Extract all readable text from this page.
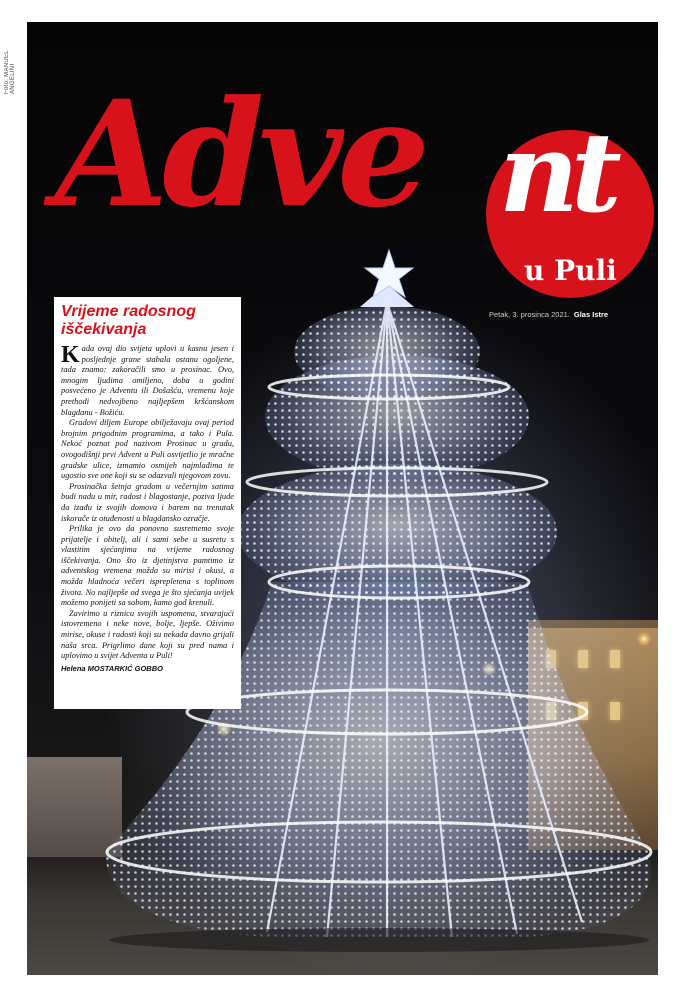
Adve nt
u Puli
Petak, 3. prosinca 2021. Glas Istre
Vrijeme radosnog iščekivanja

Kada ovaj dio svijeta uplovi u kasnu jesen i posljednje grane stabala ostanu ogoljene, tada znamo: zakoračili smo u prosinac. Ovo, mnogim ljudima omiljeno, doba u godini posvećeno je Adventu ili Došašću, vremenu koje prethodi nedvojbeno najljepšem kršćanskom blagdanu - Božiću.

Gradovi diljem Europe obilježavaju ovaj period brojnim prigodnim programima, a tako i Pula. Nekoć poznat pod nazivom Prosinac u gradu, ovogodišnji prvi Advent u Puli osvijetlio je mračne gradske ulice, izmamio osmijeh najmlađima te ugostio sve one koji su se odazvali njegovom zovu.

Prosinačka šetnja gradom u večernjim satima budi nadu u mir, radost i blagostanje, poziva ljude da izađu iz svojih domova i barem na trenutak iskorače iz otuđenosti u blagdansko ozračje.

Prilika je ovo da ponovno susretnemo svoje prijatelje i obitelj, ali i sami sebe u susretu s vlastitim sjećanjima na vrijeme radosnog iščekivanja. Ono što iz djetinjstva pamtimo iz adventskog vremena možda su mirisi i okusi, a možda hladnoća večeri isprepletena s toplinom života. No najljepše od svega je što sjećanja uvijek možemo ponijeti sa sobom, kamo god krenuli.

Zavirimo u riznicu svojih uspomena, stvarajući istovremeno i neke nove, bolje, ljepše. Oživimo mirise, okuse i radosti koji su nekada davno grijali naša srca. Prigrlimo dane koji su pred nama i uplovimo u svijet Adventa u Puli!

Helena MOSTARKIĆ GOBBO
Foto: MANUEL ANGELINI
